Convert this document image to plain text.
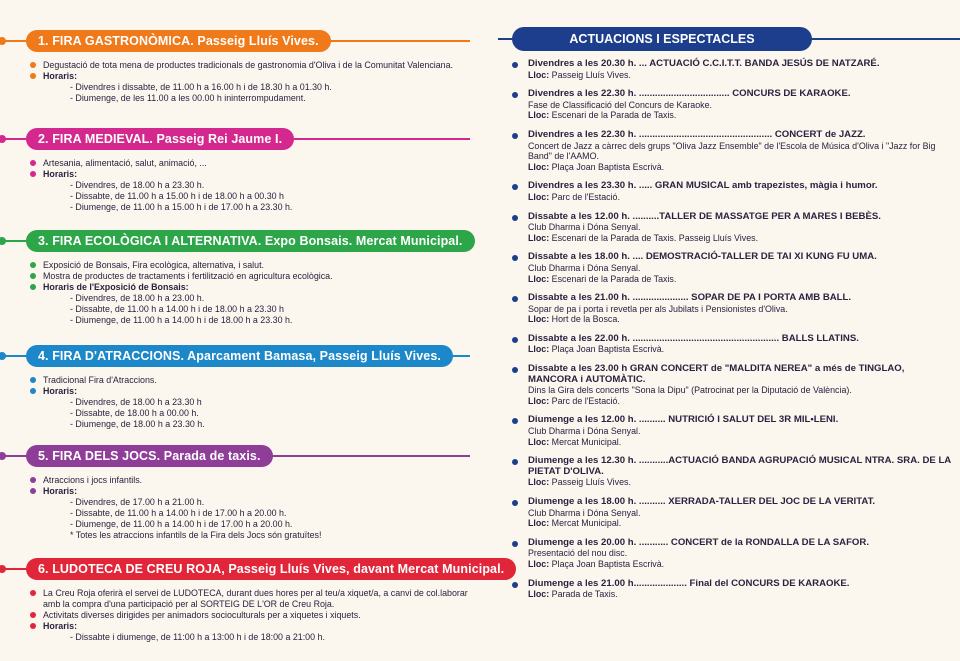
1. FIRA GASTRONÒMICA. Passeig Lluís Vives.
Degustació de tota mena de productes tradicionals de gastronomia d'Oliva i de la Comunitat Valenciana.
Horaris:
- Divendres i dissabte, de 11.00 h a 16.00 h i de 18.30 h a 01.30 h.
- Diumenge, de les 11.00 a les 00.00 h ininterrompudament.
2. FIRA MEDIEVAL. Passeig Rei Jaume I.
Artesania, alimentació, salut, animació, ...
Horaris:
- Divendres, de 18.00 h a 23.30 h.
- Dissabte, de 11.00 h a 15.00 h i de 18.00 h a 00.30 h
- Diumenge, de 11.00 h a 15.00 h i de 17.00 h a 23.30 h.
3. FIRA ECOLÒGICA I ALTERNATIVA. Expo Bonsais. Mercat Municipal.
Exposició de Bonsais, Fira ecològica, alternativa, i salut.
Mostra de productes de tractaments i fertilització en agricultura ecològica.
Horaris de l'Exposició de Bonsais:
- Divendres, de 18.00 h a 23.00 h.
- Dissabte, de 11.00 h a 14.00 h i de 18.00 h a 23.30 h
- Diumenge, de 11.00 h a 14.00 h i de 18.00 h a 23.30 h.
4. FIRA D'ATRACCIONS. Aparcament Bamasa, Passeig Lluís Vives.
Tradicional Fira d'Atraccions.
Horaris:
- Divendres, de 18.00 h a 23.30 h
- Dissabte, de 18.00 h a 00.00 h.
- Diumenge, de 18.00 h a 23.30 h.
5. FIRA DELS JOCS. Parada de taxis.
Atraccions i jocs infantils.
Horaris:
- Divendres, de 17.00 h a 21.00 h.
- Dissabte, de 11.00 h a 14.00 h i de 17.00 h a 20.00 h.
- Diumenge, de 11.00 h a 14.00 h i de 17.00 h a 20.00 h.
* Totes les atraccions infantils de la Fira dels Jocs són gratuïtes!
6. LUDOTECA DE CREU ROJA, Passeig Lluís Vives, davant Mercat Municipal.
La Creu Roja oferirà el servei de LUDOTECA, durant dues hores per al teu/a xiquet/a, a canvi de col.laborar amb la compra d'una participació per al SORTEIG DE L'OR de Creu Roja.
Activitats diverses dirigides per animadors socioculturals per a xiquetes i xiquets.
Horaris:
- Dissabte i diumenge, de 11:00 h a 13:00 h i de 18:00 a 21:00 h.
ACTUACIONS I ESPECTACLES
Divendres a les 20.30 h. ... ACTUACIÓ C.C.I.T.T. BANDA JESÚS DE NATZARÉ.
Lloc: Passeig Lluís Vives.
Divendres a les 22.30 h. .................................. CONCURS DE KARAOKE.
Fase de Classificació del Concurs de Karaoke.
Lloc: Escenari de la Parada de Taxis.
Divendres a les 22.30 h. .................................................. CONCERT de JAZZ.
Concert de Jazz a càrrec dels grups "Oliva Jazz Ensemble" de l'Escola de Música d'Oliva i "Jazz for Big Band" de l'AAMO.
Lloc: Plaça Joan Baptista Escrivà.
Divendres a les 23.30 h. ..... GRAN MUSICAL amb trapezistes, màgia i humor.
Lloc: Parc de l'Estació.
Dissabte a les 12.00 h. ..........TALLER DE MASSATGE PER A MARES I BEBÈS.
Club Dharma i Dóna Senyal.
Lloc: Escenari de la Parada de Taxis. Passeig Lluís Vives.
Dissabte a les 18.00 h. .... DEMOSTRACIÓ-TALLER DE TAI XI KUNG FU UMA.
Club Dharma i Dóna Senyal.
Lloc: Escenari de la Parada de Taxis.
Dissabte a les 21.00 h. ..................... SOPAR DE PA I PORTA AMB BALL.
Sopar de pa i porta i revetla per als Jubilats i Pensionistes d'Oliva.
Lloc: Hort de la Bosca.
Dissabte a les 22.00 h. ....................................................... BALLS LLATINS.
Lloc: Plaça Joan Baptista Escrivà.
Dissabte a les 23.00 h GRAN CONCERT de "MALDITA NEREA" a més de TINGLAO, MANCORA i AUTOMÀTIC.
Dins la Gira dels concerts "Sona la Dipu" (Patrocinat per la Diputació de València).
Lloc: Parc de l'Estació.
Diumenge a les 12.00 h. .......... NUTRICIÓ I SALUT DEL 3R MIL•LENI.
Club Dharma i Dóna Senyal.
Lloc: Mercat Municipal.
Diumenge a les 12.30 h. ...........ACTUACIÓ BANDA AGRUPACIÓ MUSICAL NTRA. SRA. DE LA PIETAT D'OLIVA.
Lloc: Passeig Lluís Vives.
Diumenge a les 18.00 h. .......... XERRADA-TALLER DEL JOC DE LA VERITAT.
Club Dharma i Dóna Senyal.
Lloc: Mercat Municipal.
Diumenge a les 20.00 h. ........... CONCERT de la RONDALLA DE LA SAFOR.
Presentació del nou disc.
Lloc: Plaça Joan Baptista Escrivà.
Diumenge a les 21.00 h.................... Final del CONCURS DE KARAOKE.
Lloc: Parada de Taxis.
